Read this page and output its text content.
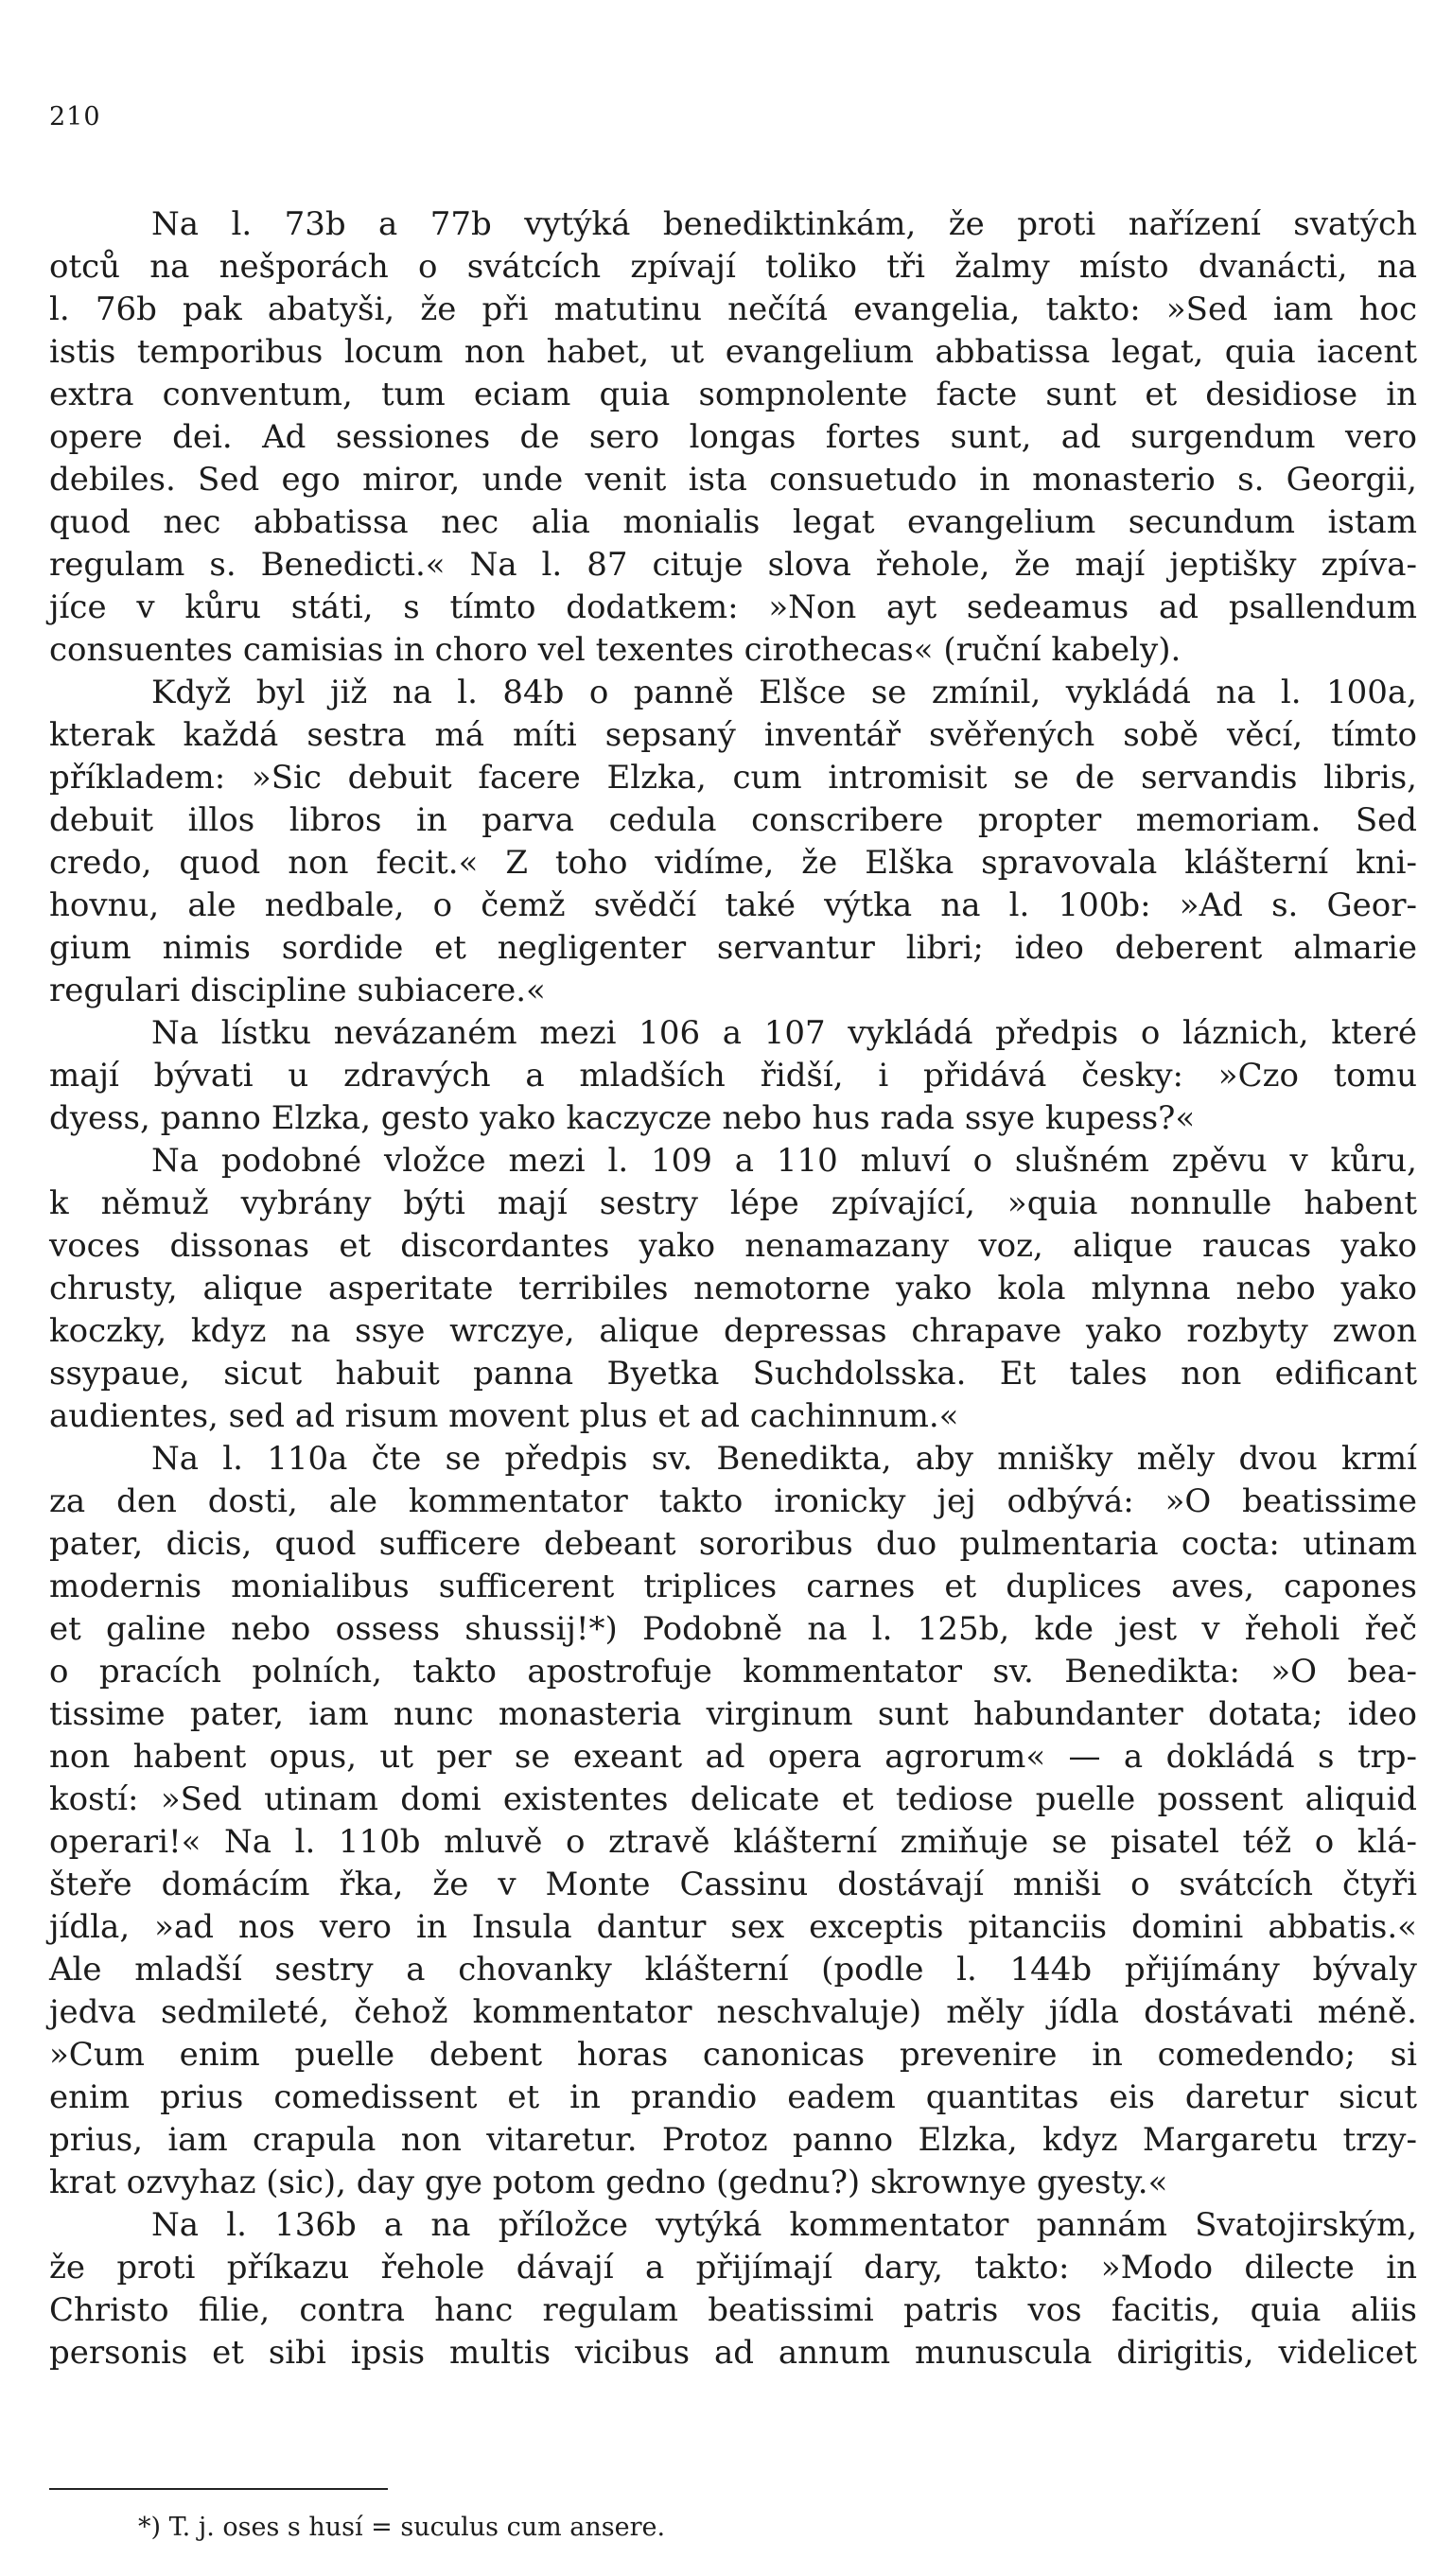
210
Na l. 73b a 77b vytýká benediktinkám, že proti nařízení svatých
otců na nešporách o svátcích zpívají toliko tři žalmy místo dvanácti, na
l. 76b pak abatyši, že při matutinu nečítá evangelia, takto: »Sed iam hoc
istis temporibus locum non habet, ut evangelium abbatissa legat, quia iacent
extra conventum, tum eciam quia sompnolente facte sunt et desidiose in
opere dei. Ad sessiones de sero longas fortes sunt, ad surgendum vero
debiles. Sed ego miror, unde venit ista consuetudo in monasterio s. Georgii,
quod nec abbatissa nec alia monialis legat evangelium secundum istam
regulam s. Benedicti.« Na l. 87 cituje slova řehole, že mají jeptišky zpíva-
jíce v kůru státi, s tímto dodatkem: »Non ayt sedeamus ad psallendum
consuentes camisias in choro vel texentes cirothecas« (ruční kabely).
Když byl již na l. 84b o panně Elšce se zmínil, vykládá na l. 100a,
kterak každá sestra má míti sepsaný inventář svěřených sobě věcí, tímto
příkladem: »Sic debuit facere Elzka, cum intromisit se de servandis libris,
debuit illos libros in parva cedula conscribere propter memoriam. Sed
credo, quod non fecit.« Z toho vidíme, že Elška spravovala klášterní kni-
hovnu, ale nedbale, o čemž svědčí také výtka na l. 100b: »Ad s. Geor-
gium nimis sordide et negligenter servantur libri; ideo deberent almarie
regulari discipline subiacere.«
Na lístku nevázaném mezi 106 a 107 vykládá předpis o láznich, které
mají bývati u zdravých a mladších řidší, i přidává česky: »Czo tomu
dyess, panno Elzka, gesto yako kaczycze nebo hus rada ssye kupess?«
Na podobné vložce mezi l. 109 a 110 mluví o slušném zpěvu v kůru,
k němuž vybrány býti mají sestry lépe zpívající, »quia nonnulle habent
voces dissonas et discordantes yako nenamazany voz, alique raucas yako
chrusty, alique asperitate terribiles nemotorne yako kola mlynna nebo yako
koczky, kdyz na ssye wrczye, alique depressas chrapave yako rozbyty zwon
ssypaue, sicut habuit panna Byetka Suchdolsska. Et tales non edificant
audientes, sed ad risum movent plus et ad cachinnum.«
Na l. 110a čte se předpis sv. Benedikta, aby mnišky měly dvou krmí
za den dosti, ale kommentator takto ironicky jej odbývá: »O beatissime
pater, dicis, quod sufficere debeant sororibus duo pulmentaria cocta: utinam
modernis monialibus sufficerent triplices carnes et duplices aves, capones
et galine nebo ossess shussij!*) Podobně na l. 125b, kde jest v řeholi řeč
o pracích polních, takto apostrofuje kommentator sv. Benedikta: »O bea-
tissime pater, iam nunc monasteria virginum sunt habundanter dotata; ideo
non habent opus, ut per se exeant ad opera agrorum« — a dokládá s trp-
kostí: »Sed utinam domi existentes delicate et tediose puelle possent aliquid
operari!« Na l. 110b mluvě o ztravě klášterní zmiňuje se pisatel též o klá-
šteře domácím řka, že v Monte Cassinu dostávají mniši o svátcích čtyři
jídla, »ad nos vero in Insula dantur sex exceptis pitanciis domini abbatis.«
Ale mladší sestry a chovanky klášterní (podle l. 144b přijímány bývaly
jedva sedmileté, čehož kommentator neschvaluje) měly jídla dostávati méně.
»Cum enim puelle debent horas canonicas prevenire in comedendo; si
enim prius comedissent et in prandio eadem quantitas eis daretur sicut
prius, iam crapula non vitaretur. Protoz panno Elzka, kdyz Margaretu trzy-
krat ozvyhaz (sic), day gye potom gedno (gednu?) skrownye gyesty.«
Na l. 136b a na příložce vytýká kommentator pannám Svatojirským,
že proti příkazu řehole dávají a přijímají dary, takto: »Modo dilecte in
Christo filie, contra hanc regulam beatissimi patris vos facitis, quia aliis
personis et sibi ipsis multis vicibus ad annum munuscula dirigitis, videlicet
*) T. j. oses s husí = suculus cum ansere.
